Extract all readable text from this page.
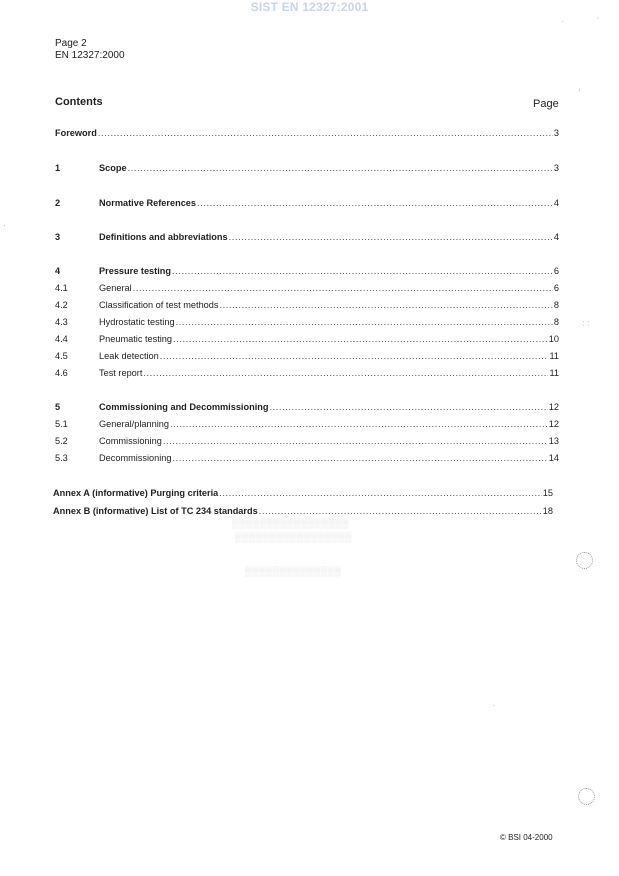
SIST EN 12327:2001
Page 2
EN 12327:2000
Contents	Page
Foreword .....	3
1	Scope .....	3
2	Normative References .....	4
3	Definitions and abbreviations .....	4
4	Pressure testing .....	6
4.1	General .....	6
4.2	Classification of test methods .....	8
4.3	Hydrostatic testing .....	8
4.4	Pneumatic testing .....	10
4.5	Leak detection .....	11
4.6	Test report .....	11
5	Commissioning and Decommissioning .....	12
5.1	General/planning .....	12
5.2	Commissioning .....	13
5.3	Decommissioning .....	14
Annex A (informative) Purging criteria .....	15
Annex B (informative) List of TC 234 standards .....	18
© BSI 04-2000
·	`
·
: :
,
·
▒▒▒▒▒▒▒▒▒▒▒▒▒▒▒▒▒
▒▒▒▒▒▒▒▒▒▒▒▒▒▒▒▒▒
▒▒▒▒▒▒▒▒▒▒▒▒▒▒
